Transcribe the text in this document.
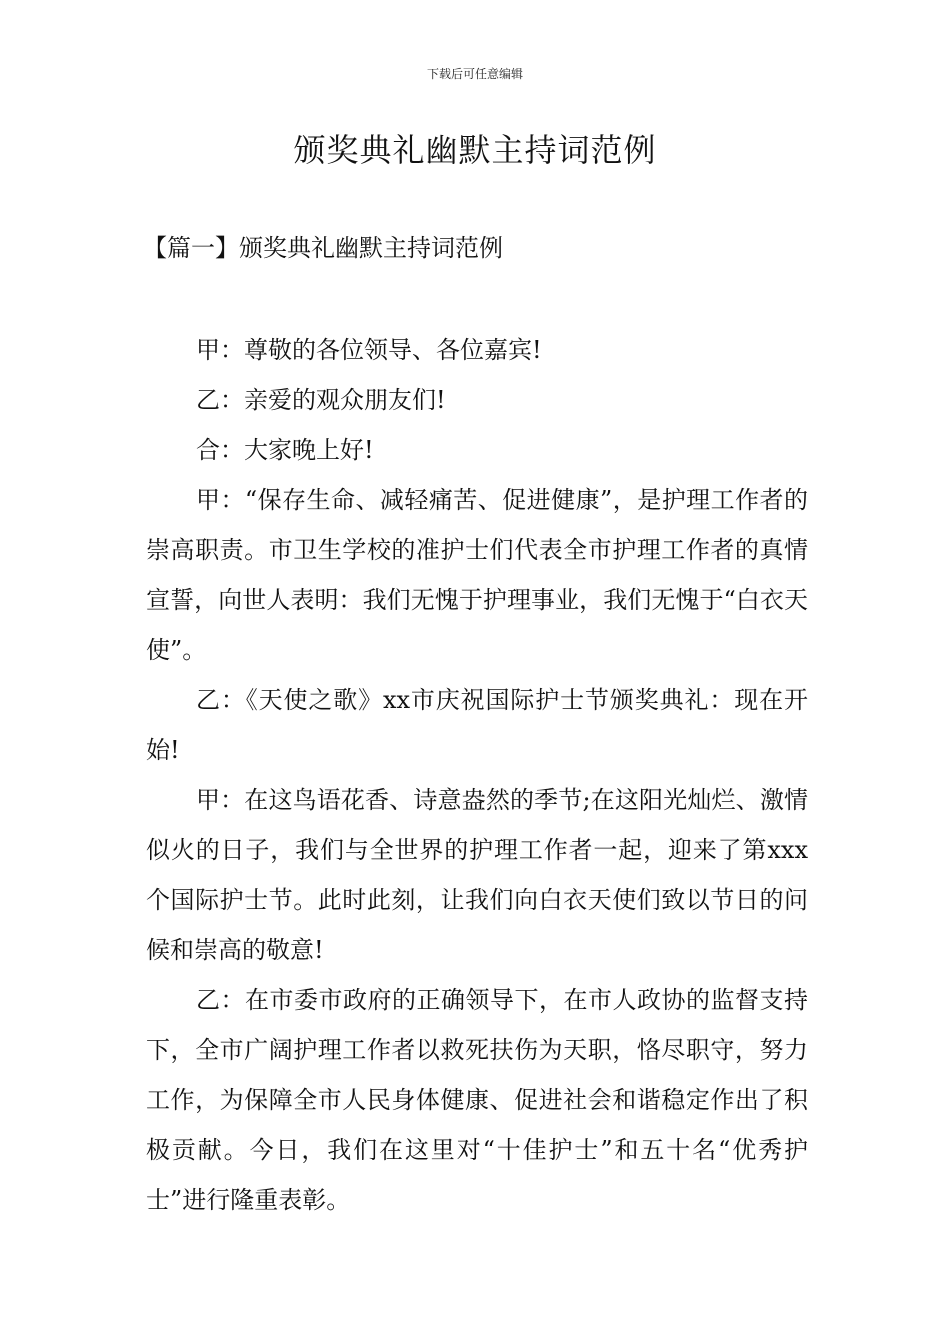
下载后可任意编辑
颁奖典礼幽默主持词范例
【篇一】颁奖典礼幽默主持词范例

甲：尊敬的各位领导、各位嘉宾!

乙：亲爱的观众朋友们!

合：大家晚上好!

甲：“保存生命、减轻痛苦、促进健康”，是护理工作者的崇高职责。市卫生学校的准护士们代表全市护理工作者的真情宣誓，向世人表明：我们无愧于护理事业，我们无愧于“白衣天使”。

乙：《天使之歌》xx市庆祝国际护士节颁奖典礼：现在开始!

甲：在这鸟语花香、诗意盎然的季节;在这阳光灿烂、激情似火的日子，我们与全世界的护理工作者一起，迎来了第xxx个国际护士节。此时此刻，让我们向白衣天使们致以节日的问候和崇高的敬意!

乙：在市委市政府的正确领导下，在市人政协的监督支持下，全市广阔护理工作者以救死扶伤为天职，恪尽职守，努力工作，为保障全市人民身体健康、促进社会和谐稳定作出了积极贡献。今日，我们在这里对“十佳护士”和五十名“优秀护士”进行隆重表彰。
